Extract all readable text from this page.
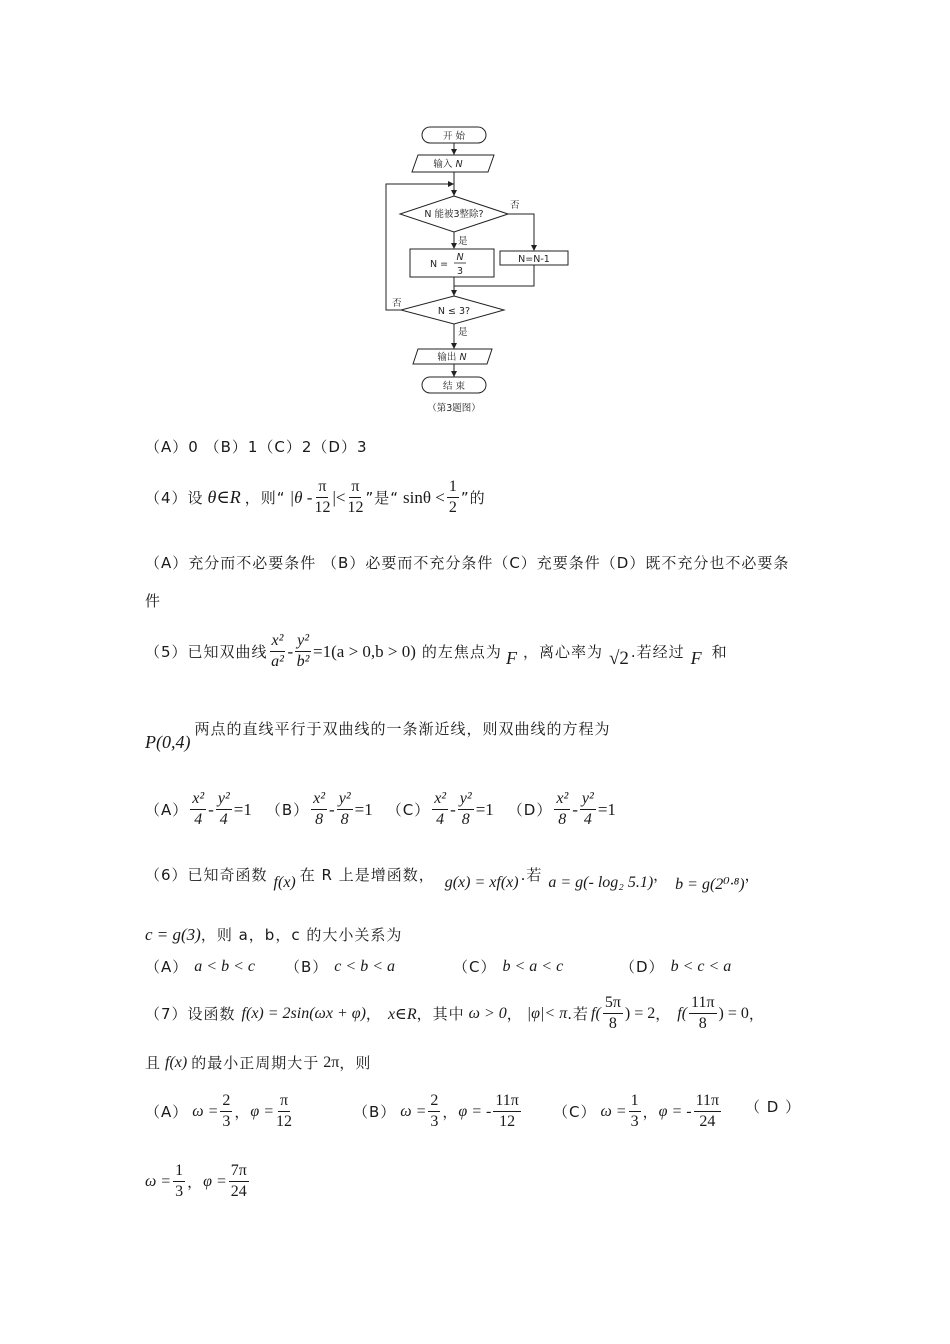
开 始
输入 N
N 能被3整除?
否
是
N =
N
3
N=N-1
N ≤ 3?
否
是
输出 N
结 束
（第3题图）
（A）0 （B）1（C）2（D）3
（4）设 θ∈R ，则“ $|\theta - \frac{\pi}{12}$ |< $\frac{\pi}{12}$ ”是“ $\sin\theta < \frac{1}{2}$ ”的
（A）充分而不必要条件 （B）必要而不充分条件（C）充要条件（D）既不充分也不必要条
件
（5）已知双曲线 $\frac{\text{x²}}{\text{a²}} - \frac{\text{y²}}{\text{b²}} =1(a > 0,b > 0)$ 的左焦点为 F ，离心率为 √2 .若经过 F 和
P(0,4)
两点的直线平行于双曲线的一条渐近线，则双曲线的方程为
$(A) \frac{\text{x²}}{4} - \frac{\text{y²}}{4} =1$ $(B) \frac{\text{x²}}{8} - \frac{\text{y²}}{8} =1$ $(C) \frac{\text{x²}}{4} - \frac{\text{y²}}{8} =1$ $(D) \frac{\text{x²}}{8} - \frac{\text{y²}}{4} =1$
（6）已知奇函数 f(x) 在 R 上是增函数， g(x) = xf(x) .若 a = g(- log₂ 5.1) ，
b = g(2⁰·⁸)
，
c = g(3) ，则 a，b，c 的大小关系为
（A） a < b < c （B） c < b < a	（C） b < a < c	（D） b < c < a
（7）设函数 f(x) = 2sin(ωx + φ) ， x∈R ，其中 ω > 0 ， |φ|< π .若 $f( \frac{5\pi}{8}$ ) = 2 ， $f( \frac{11\pi}{8}$ ) = 0 ，
且 f(x) 的最小正周期大于 2π ，则
（A） $\omega = \frac{2}{3}$ ， $\varphi = \frac{\pi}{12}$	（B） $\omega = \frac{2}{3}$ ， φ = - $\frac{11\pi}{12} (C) \omega = \frac{1}{3}$ ， φ = - $\frac{11\pi}{24}$ （ D ）
$\omega = \frac{1}{3}$ ， $\varphi = \frac{7\pi}{24}$
